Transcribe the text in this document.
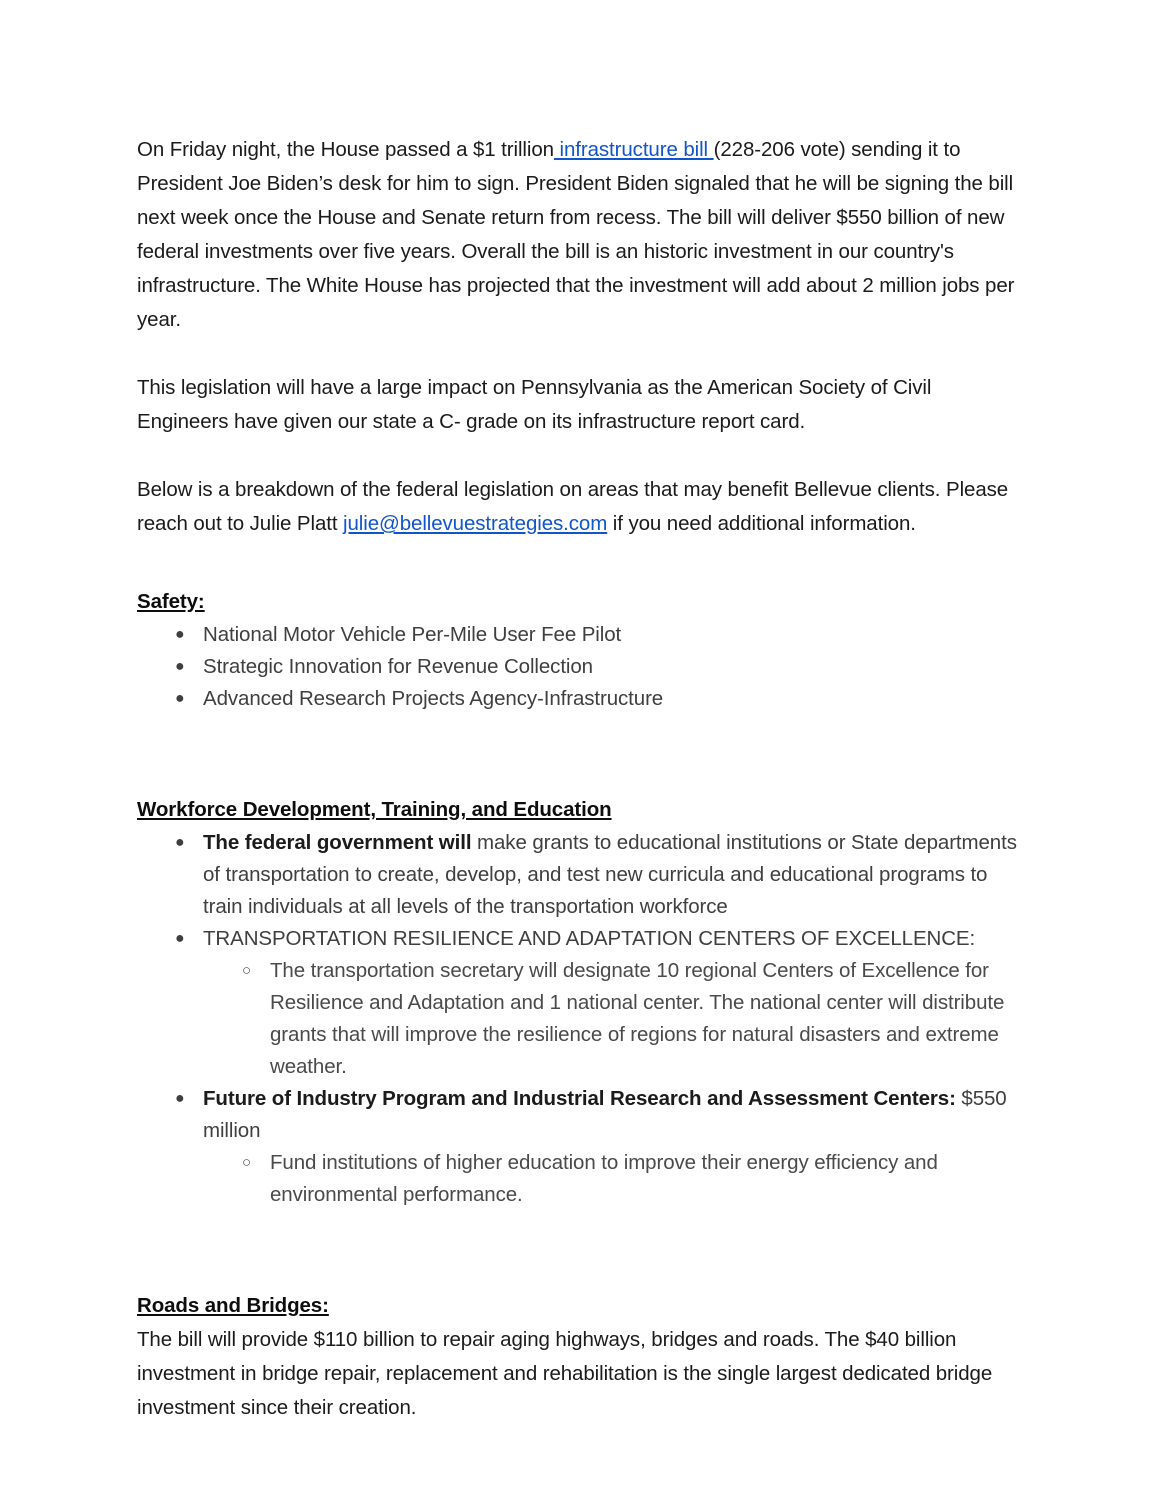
On Friday night, the House passed a $1 trillion infrastructure bill (228-206 vote) sending it to President Joe Biden’s desk for him to sign. President Biden signaled that he will be signing the bill next week once the House and Senate return from recess. The bill will deliver $550 billion of new federal investments over five years. Overall the bill is an historic investment in our country's infrastructure. The White House has projected that the investment will add about 2 million jobs per year.

This legislation will have a large impact on Pennsylvania as the American Society of Civil Engineers have given our state a C- grade on its infrastructure report card.

Below is a breakdown of the federal legislation on areas that may benefit Bellevue clients. Please reach out to Julie Platt julie@bellevuestrategies.com if you need additional information.

Safety:
● National Motor Vehicle Per-Mile User Fee Pilot
● Strategic Innovation for Revenue Collection
● Advanced Research Projects Agency-Infrastructure
Workforce Development, Training, and Education
● The federal government will make grants to educational institutions or State departments of transportation to create, develop, and test new curricula and educational programs to train individuals at all levels of the transportation workforce
● TRANSPORTATION RESILIENCE AND ADAPTATION CENTERS OF EXCELLENCE:
○ The transportation secretary will designate 10 regional Centers of Excellence for Resilience and Adaptation and 1 national center. The national center will distribute grants that will improve the resilience of regions for natural disasters and extreme weather.
● Future of Industry Program and Industrial Research and Assessment Centers: $550 million
○ Fund institutions of higher education to improve their energy efficiency and environmental performance.
Roads and Bridges:

The bill will provide $110 billion to repair aging highways, bridges and roads. The $40 billion investment in bridge repair, replacement and rehabilitation is the single largest dedicated bridge investment since their creation.
